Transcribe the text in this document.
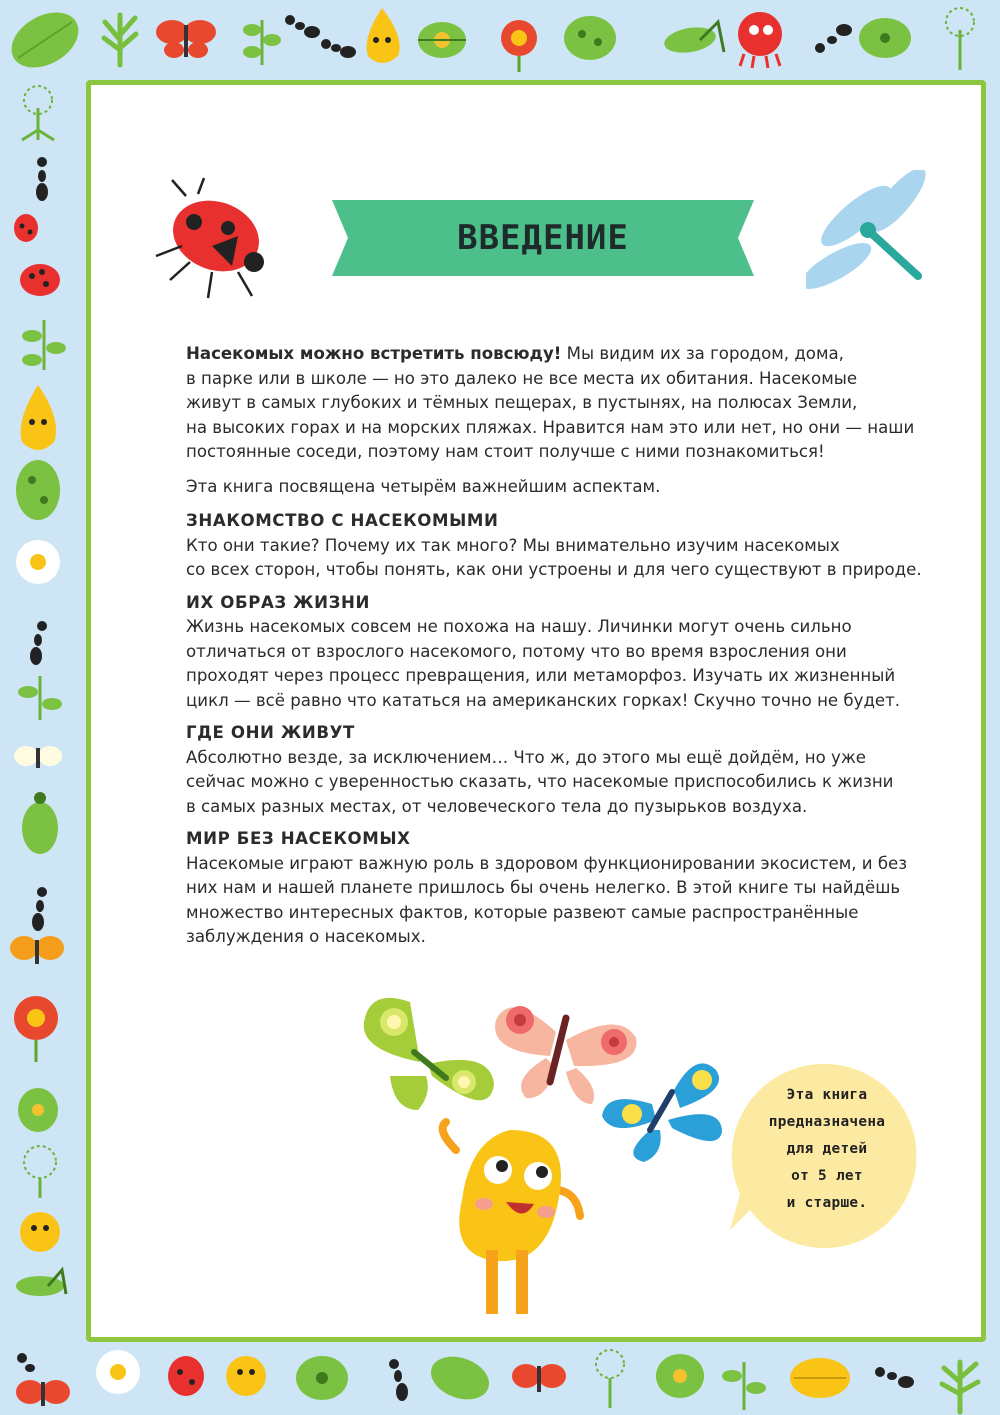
ВВЕДЕНИЕ

Насекомых можно встретить повсюду! Мы видим их за городом, дома,
в парке или в школе — но это далеко не все места их обитания. Насекомые
живут в самых глубоких и тёмных пещерах, в пустынях, на полюсах Земли,
на высоких горах и на морских пляжах. Нравится нам это или нет, но они — наши
постоянные соседи, поэтому нам стоит получше с ними познакомиться!

Эта книга посвящена четырём важнейшим аспектам.

ЗНАКОМСТВО С НАСЕКОМЫМИ
Кто они такие? Почему их так много? Мы внимательно изучим насекомых
со всех сторон, чтобы понять, как они устроены и для чего существуют в природе.
ИХ ОБРАЗ ЖИЗНИ
Жизнь насекомых совсем не похожа на нашу. Личинки могут очень сильно
отличаться от взрослого насекомого, потому что во время взросления они
проходят через процесс превращения, или метаморфоз. Изучать их жизненный
цикл — всё равно что кататься на американских горках! Скучно точно не будет.
ГДЕ ОНИ ЖИВУТ
Абсолютно везде, за исключением… Что ж, до этого мы ещё дойдём, но уже
сейчас можно с уверенностью сказать, что насекомые приспособились к жизни
в самых разных местах, от человеческого тела до пузырьков воздуха.
МИР БЕЗ НАСЕКОМЫХ
Насекомые играют важную роль в здоровом функционировании экосистем, и без
них нам и нашей планете пришлось бы очень нелегко. В этой книге ты найдёшь
множество интересных фактов, которые развеют самые распространённые
заблуждения о насекомых.
Эта книга
предназначена
для детей
от 5 лет
и старше.
